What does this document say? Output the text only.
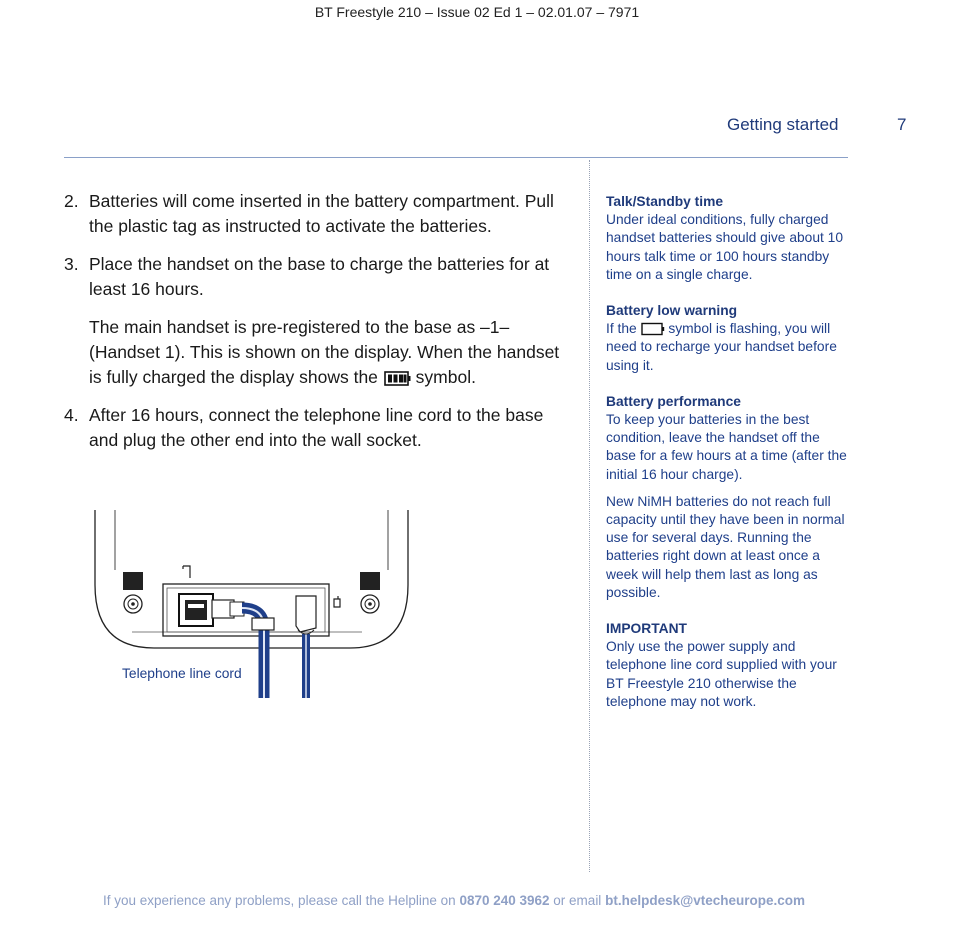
BT Freestyle 210 – Issue 02 Ed 1 – 02.01.07 – 7971
Getting started	7
2. Batteries will come inserted in the battery compartment. Pull the plastic tag as instructed to activate the batteries.
3. Place the handset on the base to charge the batteries for at least 16 hours.
The main handset is pre-registered to the base as –1– (Handset 1). This is shown on the display. When the handset is fully charged the display shows the symbol.
4. After 16 hours, connect the telephone line cord to the base and plug the other end into the wall socket.
Talk/Standby time

Under ideal conditions, fully charged handset batteries should give about 10 hours talk time or 100 hours standby time on a single charge.

Battery low warning

If the symbol is flashing, you will need to recharge your handset before using it.

Battery performance

To keep your batteries in the best condition, leave the handset off the base for a few hours at a time (after the initial 16 hour charge).

New NiMH batteries do not reach full capacity until they have been in normal use for several days. Running the batteries right down at least once a week will help them last as long as possible.

IMPORTANT

Only use the power supply and telephone line cord supplied with your BT Freestyle 210 otherwise the telephone may not work.

Telephone line cord
If you experience any problems, please call the Helpline on 0870 240 3962 or email bt.helpdesk@vtecheurope.com
